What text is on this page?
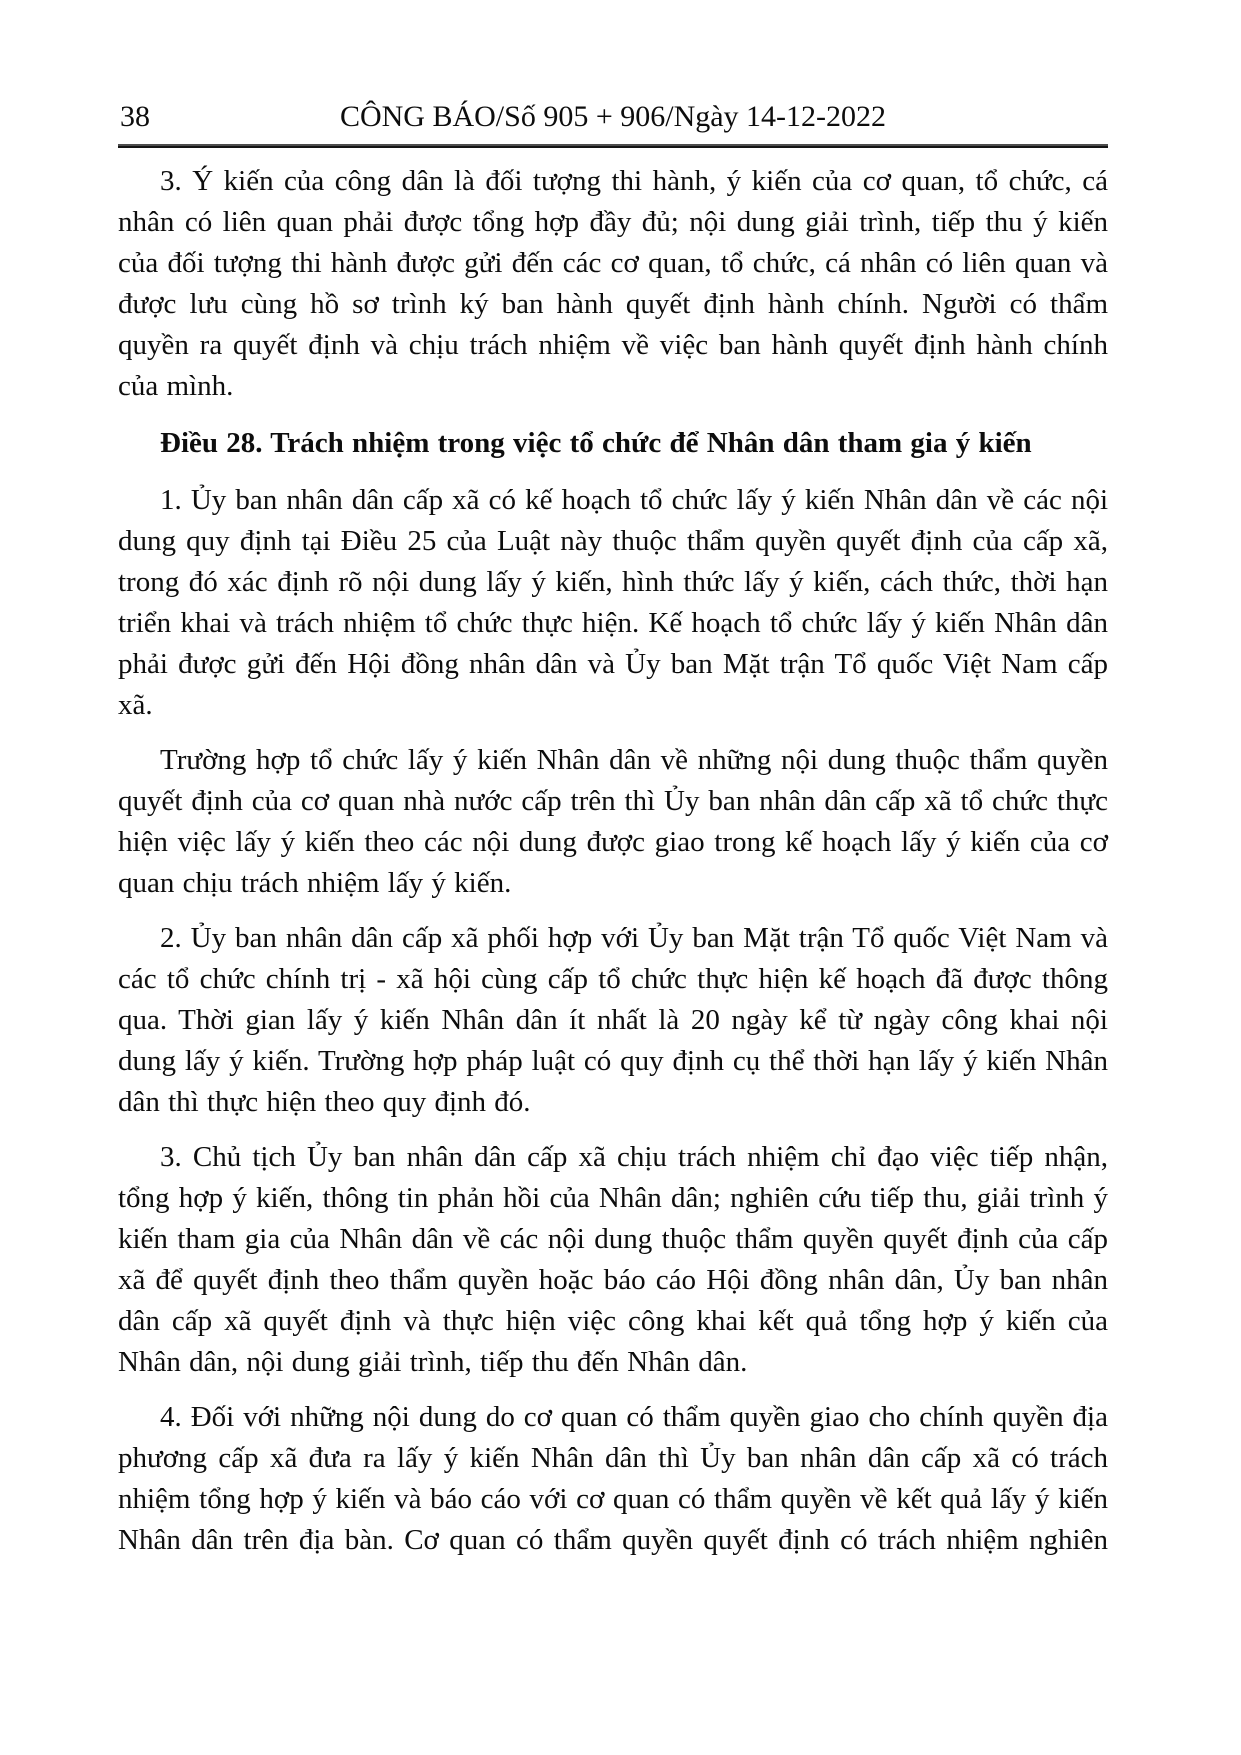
38	CÔNG BÁO/Số 905 + 906/Ngày 14-12-2022

3. Ý kiến của công dân là đối tượng thi hành, ý kiến của cơ quan, tổ chức, cá nhân có liên quan phải được tổng hợp đầy đủ; nội dung giải trình, tiếp thu ý kiến của đối tượng thi hành được gửi đến các cơ quan, tổ chức, cá nhân có liên quan và được lưu cùng hồ sơ trình ký ban hành quyết định hành chính. Người có thẩm quyền ra quyết định và chịu trách nhiệm về việc ban hành quyết định hành chính của mình.

Điều 28. Trách nhiệm trong việc tổ chức để Nhân dân tham gia ý kiến

1. Ủy ban nhân dân cấp xã có kế hoạch tổ chức lấy ý kiến Nhân dân về các nội dung quy định tại Điều 25 của Luật này thuộc thẩm quyền quyết định của cấp xã, trong đó xác định rõ nội dung lấy ý kiến, hình thức lấy ý kiến, cách thức, thời hạn triển khai và trách nhiệm tổ chức thực hiện. Kế hoạch tổ chức lấy ý kiến Nhân dân phải được gửi đến Hội đồng nhân dân và Ủy ban Mặt trận Tổ quốc Việt Nam cấp xã.

Trường hợp tổ chức lấy ý kiến Nhân dân về những nội dung thuộc thẩm quyền quyết định của cơ quan nhà nước cấp trên thì Ủy ban nhân dân cấp xã tổ chức thực hiện việc lấy ý kiến theo các nội dung được giao trong kế hoạch lấy ý kiến của cơ quan chịu trách nhiệm lấy ý kiến.

2. Ủy ban nhân dân cấp xã phối hợp với Ủy ban Mặt trận Tổ quốc Việt Nam và các tổ chức chính trị - xã hội cùng cấp tổ chức thực hiện kế hoạch đã được thông qua. Thời gian lấy ý kiến Nhân dân ít nhất là 20 ngày kể từ ngày công khai nội dung lấy ý kiến. Trường hợp pháp luật có quy định cụ thể thời hạn lấy ý kiến Nhân dân thì thực hiện theo quy định đó.

3. Chủ tịch Ủy ban nhân dân cấp xã chịu trách nhiệm chỉ đạo việc tiếp nhận, tổng hợp ý kiến, thông tin phản hồi của Nhân dân; nghiên cứu tiếp thu, giải trình ý kiến tham gia của Nhân dân về các nội dung thuộc thẩm quyền quyết định của cấp xã để quyết định theo thẩm quyền hoặc báo cáo Hội đồng nhân dân, Ủy ban nhân dân cấp xã quyết định và thực hiện việc công khai kết quả tổng hợp ý kiến của Nhân dân, nội dung giải trình, tiếp thu đến Nhân dân.

4. Đối với những nội dung do cơ quan có thẩm quyền giao cho chính quyền địa phương cấp xã đưa ra lấy ý kiến Nhân dân thì Ủy ban nhân dân cấp xã có trách nhiệm tổng hợp ý kiến và báo cáo với cơ quan có thẩm quyền về kết quả lấy ý kiến Nhân dân trên địa bàn. Cơ quan có thẩm quyền quyết định có trách nhiệm nghiên
